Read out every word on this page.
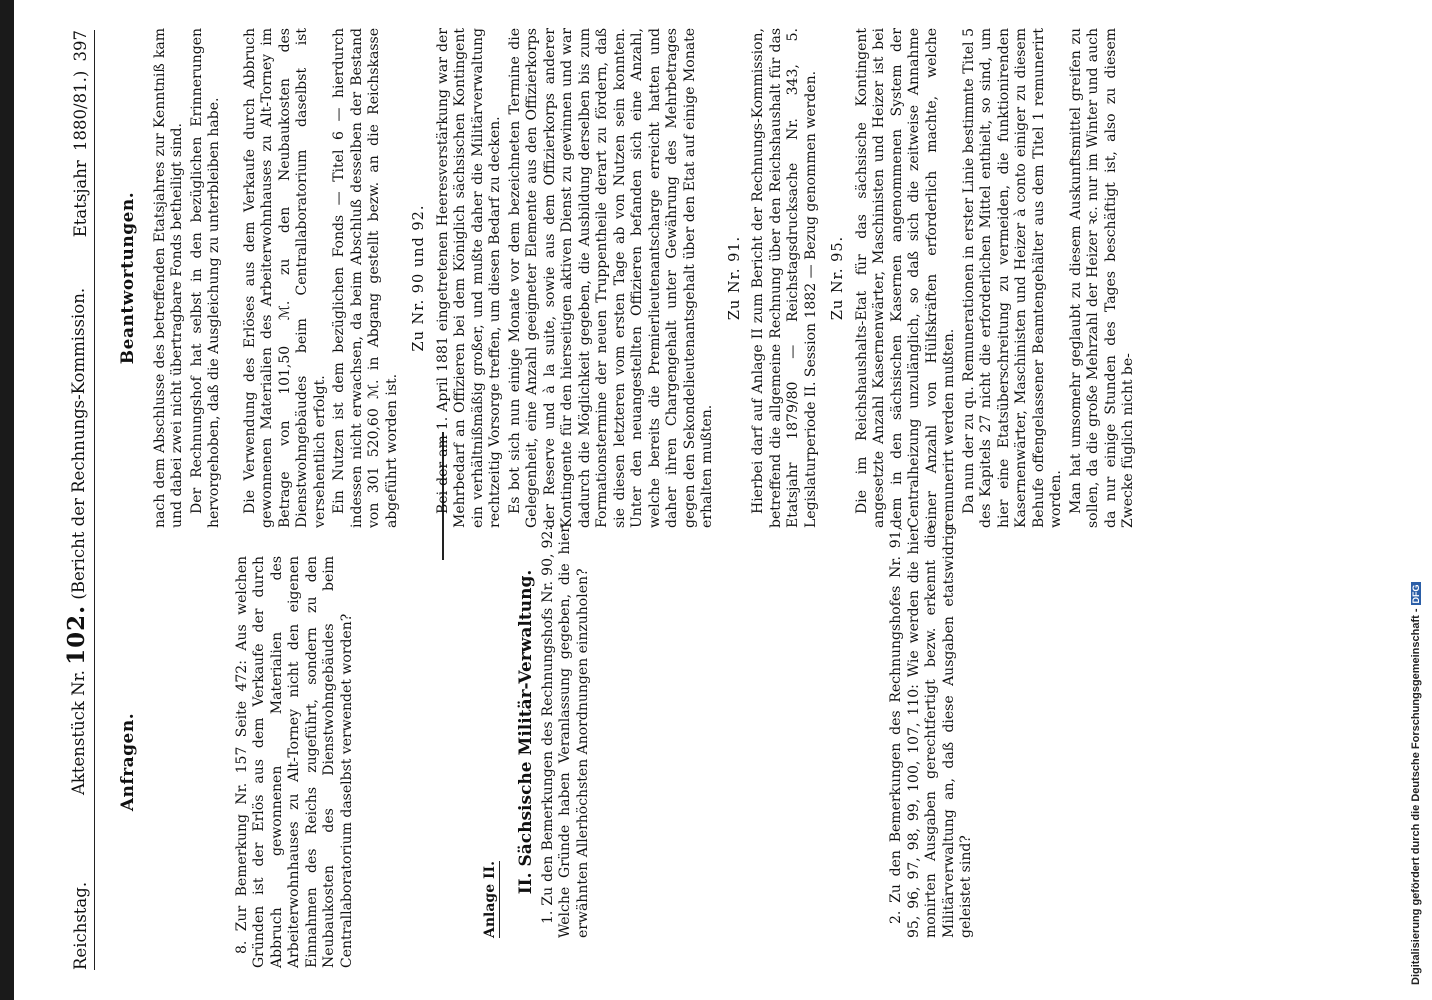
Reichstag.
Aktenstück Nr. 102. (Bericht der Rechnungs-Kommission.
Etatsjahr 1880/81.) 397
Anfragen.	8. Zur Bemerkung Nr. 157 Seite 472: Aus welchen Gründen ist der Erlös aus dem Verkaufe der durch Abbruch gewonnenen Materialien des Arbeiterwohnhauses zu Alt-Torney nicht den eigenen Einnahmen des Reichs zugeführt, sondern zu den Neubaukosten des Dienstwohngebäudes beim Centrallaboratorium daselbst verwendet worden?	Anlage II.
II. Sächsische Militär-Verwaltung. 1. Zu den Bemerkungen des Rechnungshofs Nr. 90, 92: Welche Gründe haben Veranlassung gegeben, die hier erwähnten Allerhöchsten Anordnungen einzuholen?	2. Zu den Bemerkungen des Rechnungshofes Nr. 91, 95, 96, 97, 98, 99, 100, 107, 110: Wie werden die hier monirten Ausgaben gerechtfertigt bezw. erkennt die Militärverwaltung an, daß diese Ausgaben etatswidrig geleistet sind?

Beantwortungen. nach dem Abschlusse des betreffenden Etatsjahres zur Kenntniß kam und dabei zwei nicht übertragbare Fonds betheiligt sind. Der Rechnungshof hat selbst in den bezüglichen Erinnerungen hervorgehoben, daß die Ausgleichung zu unterbleiben habe. Die Verwendung des Erlöses aus dem Verkaufe durch Abbruch gewonnenen Materialien des Arbeiterwohnhauses zu Alt-Torney im Betrage von 101,50 ℳ. zu den Neubaukosten des Dienstwohngebäudes beim Centrallaboratorium daselbst ist versehentlich erfolgt. Ein Nutzen ist dem bezüglichen Fonds — Titel 6 — hierdurch indessen nicht erwachsen, da beim Abschluß desselben der Bestand von 301 520,60 ℳ. in Abgang gestellt bezw. an die Reichskasse abgeführt worden ist.

Zu Nr. 90 und 92. Bei der am 1. April 1881 eingetretenen Heeresverstärkung war der Mehrbedarf an Offizieren bei dem Königlich sächsischen Kontingent ein verhältnißmäßig großer, und mußte daher die Militärverwaltung rechtzeitig Vorsorge treffen, um diesen Bedarf zu decken. Es bot sich nun einige Monate vor dem bezeichneten Termine die Gelegenheit, eine Anzahl geeigneter Elemente aus den Offizierkorps der Reserve und à la suite, sowie aus dem Offizierkorps anderer Kontingente für den hierseitigen aktiven Dienst zu gewinnen und war dadurch die Möglichkeit gegeben, die Ausbildung derselben bis zum Formationstermine der neuen Truppentheile derart zu fördern, daß sie diesen letzteren vom ersten Tage ab von Nutzen sein konnten. Unter den neuangestellten Offizieren befanden sich eine Anzahl, welche bereits die Premierlieutenantscharge erreicht hatten und daher ihren Chargengehalt unter Gewährung des Mehrbetrages gegen den Sekondelieutenantsgehalt über den Etat auf einige Monate erhalten mußten.

Zu Nr. 91. Hierbei darf auf Anlage II zum Bericht der Rechnungs-Kommission, betreffend die allgemeine Rechnung über den Reichshaushalt für das Etatsjahr 1879/80 — Reichstagsdrucksache Nr. 343, 5. Legislaturperiode II. Session 1882 — Bezug genommen werden. Zu Nr. 95. Die im Reichshaushalts-Etat für das sächsische Kontingent angesetzte Anzahl Kasernenwärter, Maschinisten und Heizer ist bei dem in den sächsischen Kasernen angenommenen System der Centralheizung unzulänglich, so daß sich die zeitweise Annahme einer Anzahl von Hülfskräften erforderlich machte, welche remunerirt werden mußten. Da nun der zu qu. Remunerationen in erster Linie bestimmte Titel 5 des Kapitels 27 nicht die erforderlichen Mittel enthielt, so sind, um hier eine Etatsüberschreitung zu vermeiden, die funktionirenden Kasernenwärter, Maschinisten und Heizer à conto einiger zu diesem Behufe offengelassener Beamtengehälter aus dem Titel 1 remunerirt worden. Man hat umsomehr geglaubt zu diesem Auskunftsmittel greifen zu sollen, da die große Mehrzahl der Heizer ꝛc. nur im Winter und auch da nur einige Stunden des Tages beschäftigt ist, also zu diesem Zwecke füglich nicht be-

Digitalisierung gefördert durch die Deutsche Forschungsgemeinschaft -DFG
